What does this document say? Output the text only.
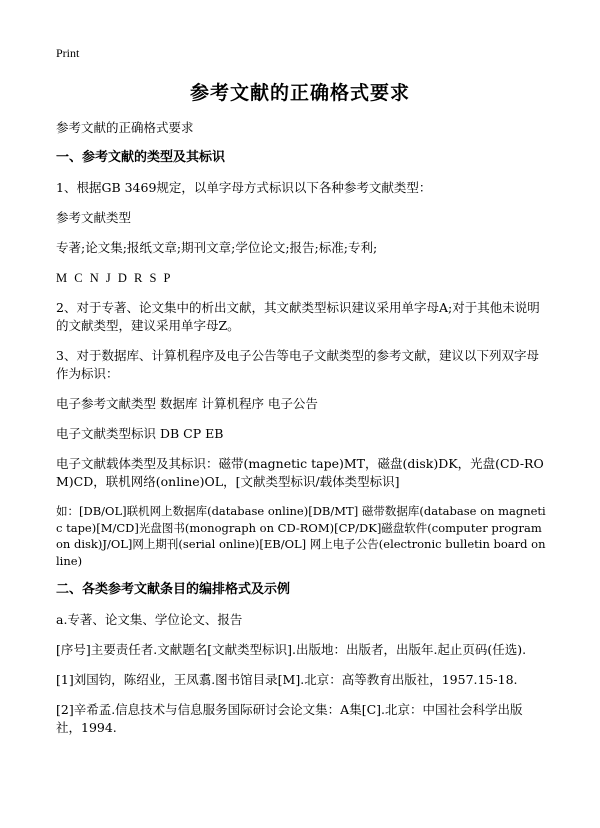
Print
参考文献的正确格式要求

参考文献的正确格式要求

一、参考文献的类型及其标识

1、根据GB 3469规定，以单字母方式标识以下各种参考文献类型：

参考文献类型

专著;论文集;报纸文章;期刊文章;学位论文;报告;标准;专利;

M C N J D R S P

2、对于专著、论文集中的析出文献，其文献类型标识建议采用单字母A;对于其他未说明的文献类型，建议采用单字母Z。

3、对于数据库、计算机程序及电子公告等电子文献类型的参考文献，建议以下列双字母作为标识：

电子参考文献类型 数据库 计算机程序 电子公告

电子文献类型标识 DB CP EB

电子文献载体类型及其标识：磁带(magnetic tape)MT，磁盘(disk)DK，光盘(CD-ROM)CD，联机网络(online)OL，[文献类型标识/载体类型标识]

如：[DB/OL]联机网上数据库(database online)[DB/MT] 磁带数据库(database on magnetic tape)[M/CD]光盘图书(monograph on CD-ROM)[CP/DK]磁盘软件(computer program on disk)J/OL]网上期刊(serial online)[EB/OL] 网上电子公告(electronic bulletin board online)

二、各类参考文献条目的编排格式及示例

a.专著、论文集、学位论文、报告

[序号]主要责任者.文献题名[文献类型标识].出版地：出版者，出版年.起止页码(任选).

[1]刘国钧，陈绍业，王凤翥.图书馆目录[M].北京：高等教育出版社，1957.15-18.

[2]辛希孟.信息技术与信息服务国际研讨会论文集：A集[C].北京：中国社会科学出版社，1994.
